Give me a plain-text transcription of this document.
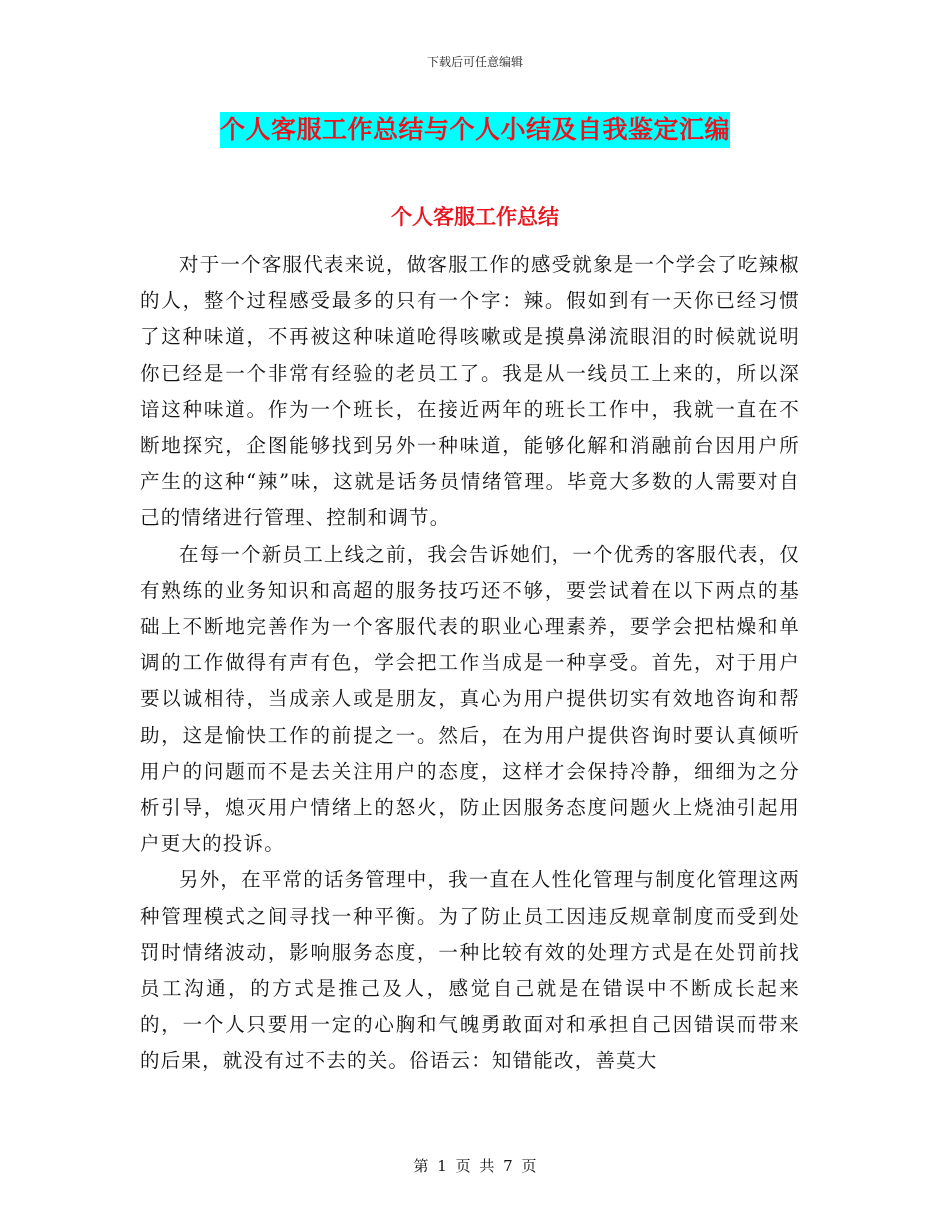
下载后可任意编辑
个人客服工作总结与个人小结及自我鉴定汇编
个人客服工作总结

对于一个客服代表来说，做客服工作的感受就象是一个学会了吃辣椒的人，整个过程感受最多的只有一个字：辣。假如到有一天你已经习惯了这种味道，不再被这种味道呛得咳嗽或是摸鼻涕流眼泪的时候就说明你已经是一个非常有经验的老员工了。我是从一线员工上来的，所以深谙这种味道。作为一个班长，在接近两年的班长工作中，我就一直在不断地探究，企图能够找到另外一种味道，能够化解和消融前台因用户所产生的这种“辣”味，这就是话务员情绪管理。毕竟大多数的人需要对自己的情绪进行管理、控制和调节。

在每一个新员工上线之前，我会告诉她们，一个优秀的客服代表，仅有熟练的业务知识和高超的服务技巧还不够，要尝试着在以下两点的基础上不断地完善作为一个客服代表的职业心理素养，要学会把枯燥和单调的工作做得有声有色，学会把工作当成是一种享受。首先，对于用户要以诚相待，当成亲人或是朋友，真心为用户提供切实有效地咨询和帮助，这是愉快工作的前提之一。然后，在为用户提供咨询时要认真倾听用户的问题而不是去关注用户的态度，这样才会保持冷静，细细为之分析引导，熄灭用户情绪上的怒火，防止因服务态度问题火上烧油引起用户更大的投诉。

另外，在平常的话务管理中，我一直在人性化管理与制度化管理这两种管理模式之间寻找一种平衡。为了防止员工因违反规章制度而受到处罚时情绪波动，影响服务态度，一种比较有效的处理方式是在处罚前找员工沟通，的方式是推己及人，感觉自己就是在错误中不断成长起来的，一个人只要用一定的心胸和气魄勇敢面对和承担自己因错误而带来的后果，就没有过不去的关。俗语云：知错能改，善莫大

第 1 页 共 7 页
